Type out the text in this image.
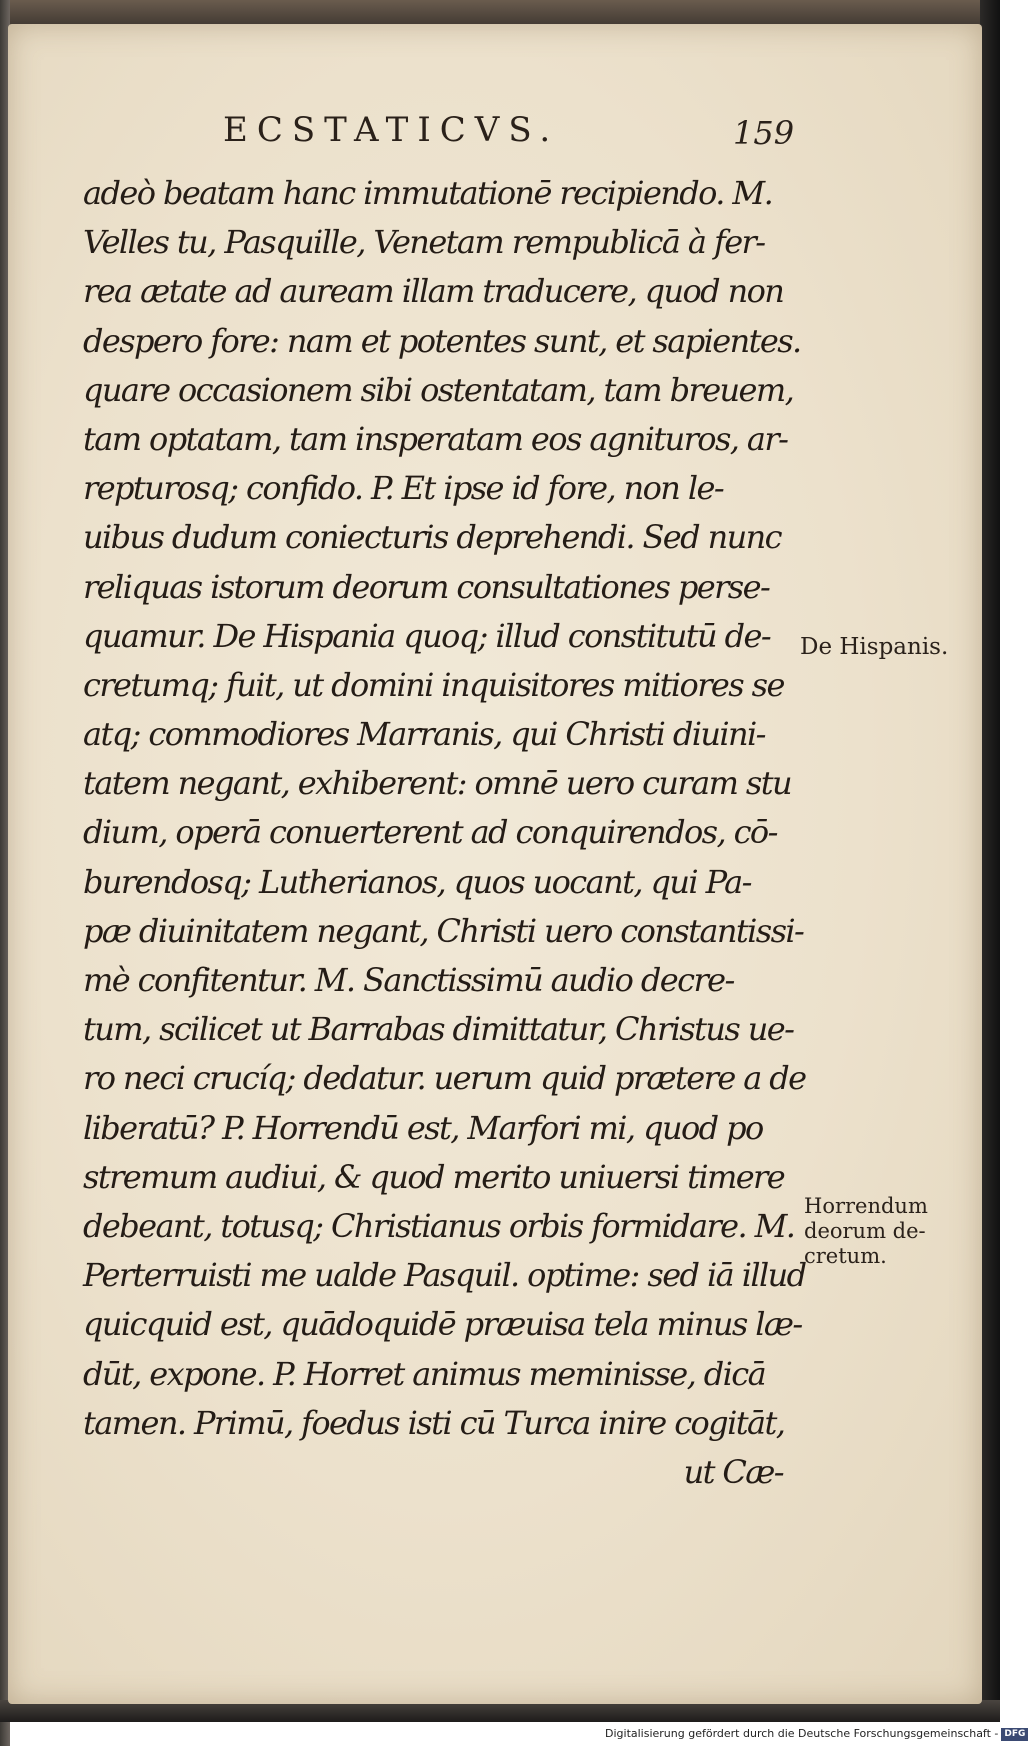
ECSTATICVS.	159
adeò beatam hanc immutationē recipiendo. M.
Velles tu, Pasquille, Venetam rempublicā à fer-
rea ætate ad auream illam traducere, quod non
despero fore: nam et potentes sunt, et sapientes.
quare occasionem sibi ostentatam, tam breuem,
tam optatam, tam insperatam eos agnituros, ar-
repturosq; confido. P. Et ipse id fore, non le-
uibus dudum coniecturis deprehendi. Sed nunc
reliquas istorum deorum consultationes perse-
quamur. De Hispania quoq; illud constitutū de-
cretumq; fuit, ut domini inquisitores mitiores se
atq; commodiores Marranis, qui Christi diuini-
tatem negant, exhiberent: omnē uero curam stu
dium, operā conuerterent ad conquirendos, cō-
burendosq; Lutherianos, quos uocant, qui Pa-
pæ diuinitatem negant, Christi uero constantissi-
mè confitentur. M. Sanctissimū audio decre-
tum, scilicet ut Barrabas dimittatur, Christus ue-
ro neci crucíq; dedatur. uerum quid prætere a de
liberatū? P. Horrendū est, Marfori mi, quod po
stremum audiui, & quod merito uniuersi timere
debeant, totusq; Christianus orbis formidare. M.
Perterruisti me ualde Pasquil. optime: sed iā illud
quicquid est, quādoquidē præuisa tela minus læ-
dūt, expone. P. Horret animus meminisse, dicā
tamen. Primū, foedus isti cū Turca inire cogitāt,
ut Cæ-
De Hispanis.
Horrendum
deorum de-
cretum.
Digitalisierung gefördert durch die Deutsche Forschungsgemeinschaft - DFG
